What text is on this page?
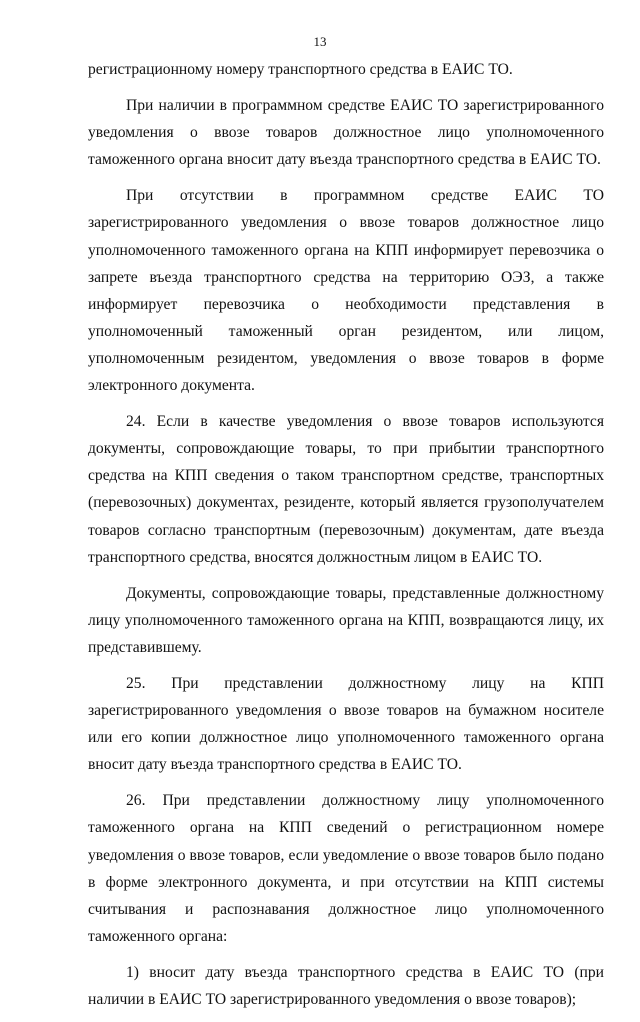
13

регистрационному номеру транспортного средства в ЕАИС ТО.

При наличии в программном средстве ЕАИС ТО зарегистрированного уведомления о ввозе товаров должностное лицо уполномоченного таможенного органа вносит дату въезда транспортного средства в ЕАИС ТО.

При отсутствии в программном средстве ЕАИС ТО зарегистрированного уведомления о ввозе товаров должностное лицо уполномоченного таможенного органа на КПП информирует перевозчика о запрете въезда транспортного средства на территорию ОЭЗ, а также информирует перевозчика о необходимости представления в уполномоченный таможенный орган резидентом, или лицом, уполномоченным резидентом, уведомления о ввозе товаров в форме электронного документа.

24. Если в качестве уведомления о ввозе товаров используются документы, сопровождающие товары, то при прибытии транспортного средства на КПП сведения о таком транспортном средстве, транспортных (перевозочных) документах, резиденте, который является грузополучателем товаров согласно транспортным (перевозочным) документам, дате въезда транспортного средства, вносятся должностным лицом в ЕАИС ТО.

Документы, сопровождающие товары, представленные должностному лицу уполномоченного таможенного органа на КПП, возвращаются лицу, их представившему.

25. При представлении должностному лицу на КПП зарегистрированного уведомления о ввозе товаров на бумажном носителе или его копии должностное лицо уполномоченного таможенного органа вносит дату въезда транспортного средства в ЕАИС ТО.

26. При представлении должностному лицу уполномоченного таможенного органа на КПП сведений о регистрационном номере уведомления о ввозе товаров, если уведомление о ввозе товаров было подано в форме электронного документа, и при отсутствии на КПП системы считывания и распознавания должностное лицо уполномоченного таможенного органа:

1) вносит дату въезда транспортного средства в ЕАИС ТО (при наличии в ЕАИС ТО зарегистрированного уведомления о ввозе товаров);
